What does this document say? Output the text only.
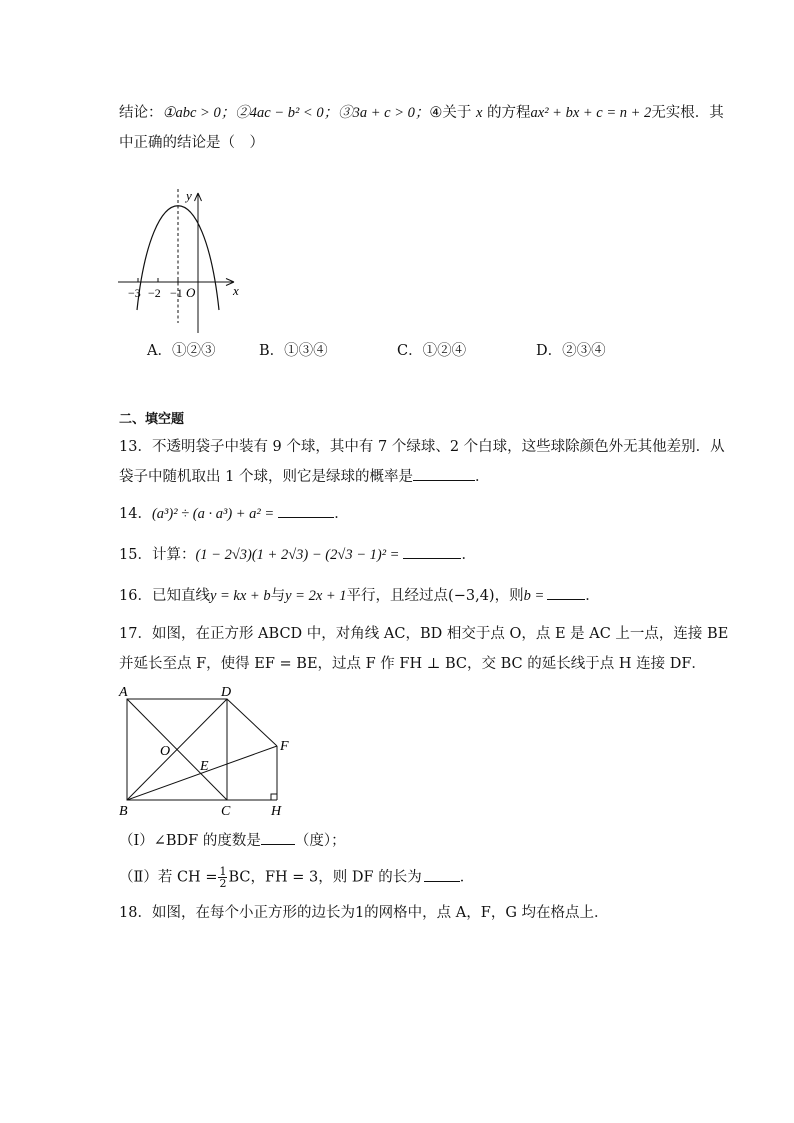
结论：①abc > 0；②4ac − b² < 0；③3a + c > 0；④关于 x 的方程ax² + bx + c = n + 2无实根．其
中正确的结论是（　）
y
x
−3 −2 −1 O
A．①②③	B．①③④	C．①②④	D．②③④
二、填空题
13．不透明袋子中装有 9 个球，其中有 7 个绿球、2 个白球，这些球除颜色外无其他差别．从
袋子中随机取出 1 个球，则它是绿球的概率是	．
14．(a³)² ÷ (a · a³) + a² =	．
15．计算：(1 − 2√3)(1 + 2√3) − (2√3 − 1)² =	．
16．已知直线y = kx + b与y = 2x + 1平行，且经过点(−3,4)，则b =	．
17．如图，在正方形 ABCD 中，对角线 AC，BD 相交于点 O，点 E 是 AC 上一点，连接 BE
并延长至点 F，使得 EF = BE，过点 F 作 FH ⊥ BC，交 BC 的延长线于点 H 连接 DF．
A	D
O
E
F
B	C	H
（Ⅰ）∠BDF 的度数是 （度）；
（Ⅱ）若 CH = $\frac{1}{2}$ BC，FH = 3，则 DF 的长为	．
18．如图，在每个小正方形的边长为1的网格中，点 A，F，G 均在格点上．
